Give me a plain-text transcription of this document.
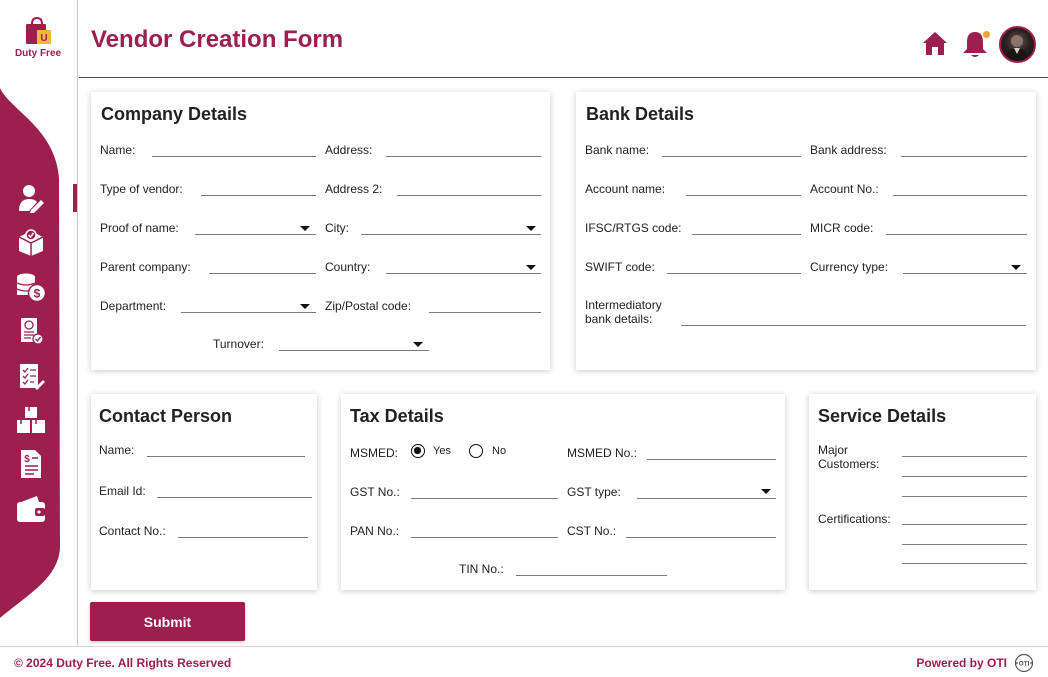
U
Duty Free
$
$
Vendor Creation Form
Company Details
Name:	Address:
Type of vendor:	Address 2:
Proof of name:	City:
Parent company:	Country:
Department:	Zip/Postal code:
Turnover:
Bank Details
Bank name:	Bank address:
Account name:	Account No.:
IFSC/RTGS code:	MICR code:
SWIFT code:	Currency type:
Intermediatory
bank details:
Contact Person
Name:
Email Id:
Contact No.:
Tax Details
MSMED:	Yes	No	MSMED No.:
GST No.:	GST type:
PAN No.:	CST No.:
TIN No.:
Service Details
Major
Customers:
Certifications:
Submit
© 2024 Duty Free. All Rights Reserved	Powered by OTI OTI
